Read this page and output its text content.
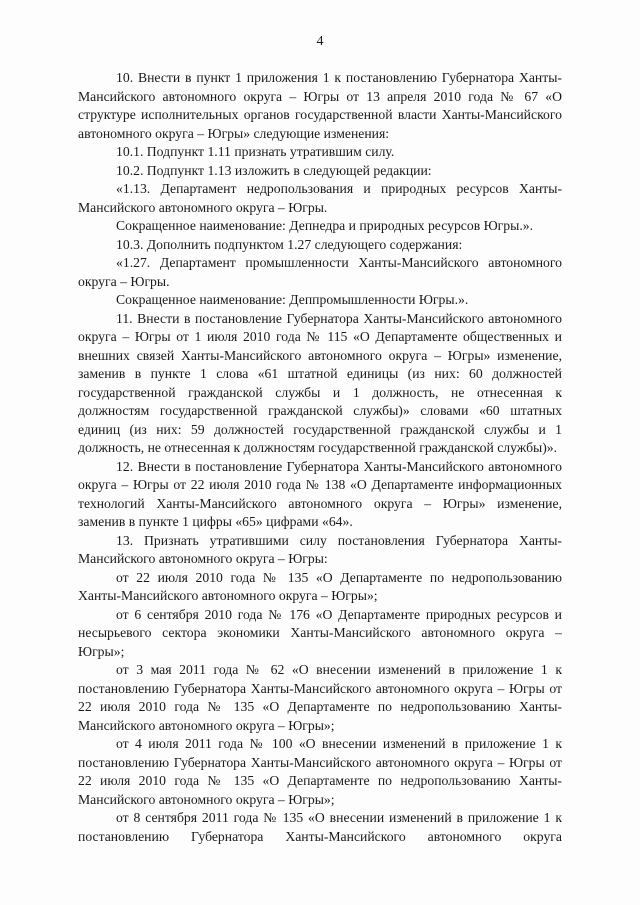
4

10. Внести в пункт 1 приложения 1 к постановлению Губернатора Ханты-Мансийского автономного округа – Югры от 13 апреля 2010 года № 67 «О структуре исполнительных органов государственной власти Ханты-Мансийского автономного округа – Югры» следующие изменения:

10.1. Подпункт 1.11 признать утратившим силу.

10.2. Подпункт 1.13 изложить в следующей редакции:

«1.13. Департамент недропользования и природных ресурсов Ханты-Мансийского автономного округа – Югры.

Сокращенное наименование: Депнедра и природных ресурсов Югры.».

10.3. Дополнить подпунктом 1.27 следующего содержания:

«1.27. Департамент промышленности Ханты-Мансийского автономного округа – Югры.

Сокращенное наименование: Деппромышленности Югры.».

11. Внести в постановление Губернатора Ханты-Мансийского автономного округа – Югры от 1 июля 2010 года № 115 «О Департаменте общественных и внешних связей Ханты-Мансийского автономного округа – Югры» изменение, заменив в пункте 1 слова «61 штатной единицы (из них: 60 должностей государственной гражданской службы и 1 должность, не отнесенная к должностям государственной гражданской службы)» словами «60 штатных единиц (из них: 59 должностей государственной гражданской службы и 1 должность, не отнесенная к должностям государственной гражданской службы)».

12. Внести в постановление Губернатора Ханты-Мансийского автономного округа – Югры от 22 июля 2010 года № 138 «О Департаменте информационных технологий Ханты-Мансийского автономного округа – Югры» изменение, заменив в пункте 1 цифры «65» цифрами «64».

13. Признать утратившими силу постановления Губернатора Ханты-Мансийского автономного округа – Югры:

от 22 июля 2010 года № 135 «О Департаменте по недропользованию Ханты-Мансийского автономного округа – Югры»;

от 6 сентября 2010 года № 176 «О Департаменте природных ресурсов и несырьевого сектора экономики Ханты-Мансийского автономного округа – Югры»;

от 3 мая 2011 года № 62 «О внесении изменений в приложение 1 к постановлению Губернатора Ханты-Мансийского автономного округа – Югры от 22 июля 2010 года № 135 «О Департаменте по недропользованию Ханты-Мансийского автономного округа – Югры»;

от 4 июля 2011 года № 100 «О внесении изменений в приложение 1 к постановлению Губернатора Ханты-Мансийского автономного округа – Югры от 22 июля 2010 года № 135 «О Департаменте по недропользованию Ханты-Мансийского автономного округа – Югры»;

от 8 сентября 2011 года № 135 «О внесении изменений в приложение 1 к постановлению Губернатора Ханты-Мансийского автономного округа
